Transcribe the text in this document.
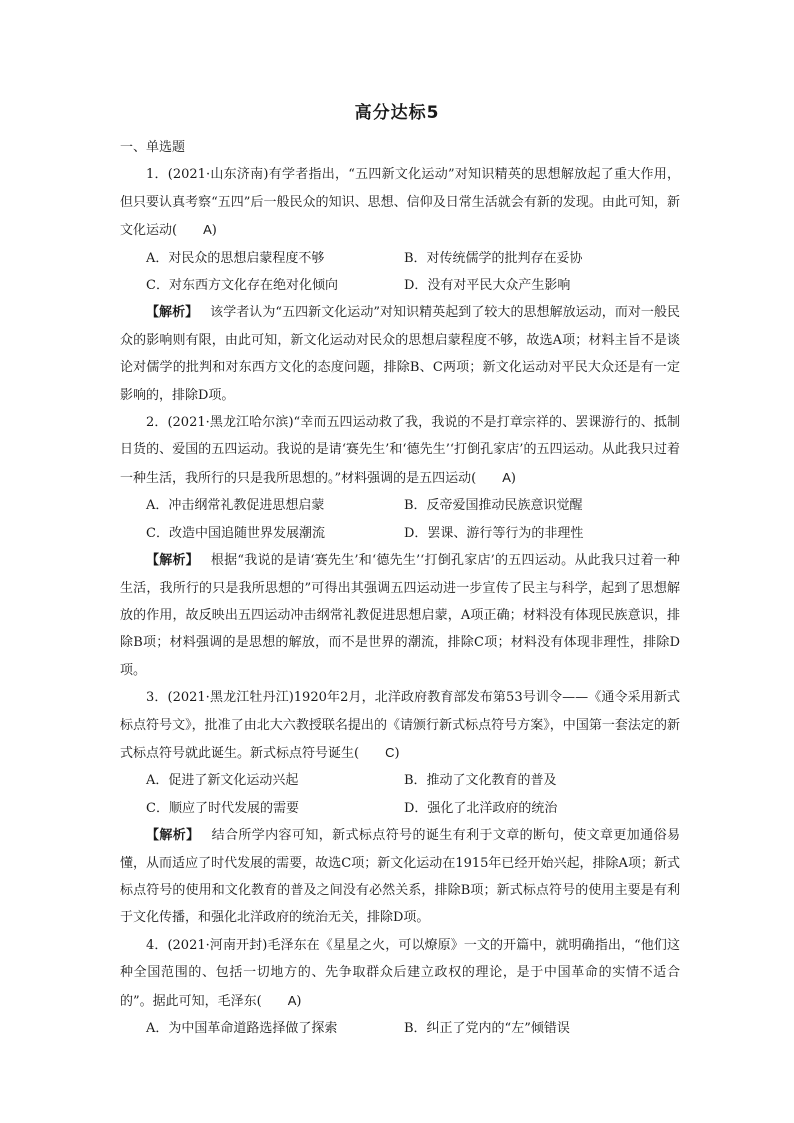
高分达标5
一、单选题
1．(2021·山东济南)有学者指出，“五四新文化运动”对知识精英的思想解放起了重大作用，但只要认真考察“五四”后一般民众的知识、思想、信仰及日常生活就会有新的发现。由此可知，新文化运动( A)
A．对民众的思想启蒙程度不够	B．对传统儒学的批判存在妥协
C．对东西方文化存在绝对化倾向	D．没有对平民大众产生影响
【解析】 该学者认为“五四新文化运动”对知识精英起到了较大的思想解放运动，而对一般民众的影响则有限，由此可知，新文化运动对民众的思想启蒙程度不够，故选A项；材料主旨不是谈论对儒学的批判和对东西方文化的态度问题，排除B、C两项；新文化运动对平民大众还是有一定影响的，排除D项。
2．(2021·黑龙江哈尔滨)“幸而五四运动救了我，我说的不是打章宗祥的、罢课游行的、抵制日货的、爱国的五四运动。我说的是请‘赛先生’和‘德先生’‘打倒孔家店’的五四运动。从此我只过着一种生活，我所行的只是我所思想的。”材料强调的是五四运动( A)
A．冲击纲常礼教促进思想启蒙	B．反帝爱国推动民族意识觉醒
C．改造中国追随世界发展潮流	D．罢课、游行等行为的非理性
【解析】 根据“我说的是请‘赛先生’和‘德先生’‘打倒孔家店’的五四运动。从此我只过着一种生活，我所行的只是我所思想的”可得出其强调五四运动进一步宣传了民主与科学，起到了思想解放的作用，故反映出五四运动冲击纲常礼教促进思想启蒙，A项正确；材料没有体现民族意识，排除B项；材料强调的是思想的解放，而不是世界的潮流，排除C项；材料没有体现非理性，排除D项。
3．(2021·黑龙江牡丹江)1920年2月，北洋政府教育部发布第53号训令——《通令采用新式标点符号文》，批准了由北大六教授联名提出的《请颁行新式标点符号方案》，中国第一套法定的新式标点符号就此诞生。新式标点符号诞生( C)
A．促进了新文化运动兴起	B．推动了文化教育的普及
C．顺应了时代发展的需要	D．强化了北洋政府的统治
【解析】 结合所学内容可知，新式标点符号的诞生有利于文章的断句，使文章更加通俗易懂，从而适应了时代发展的需要，故选C项；新文化运动在1915年已经开始兴起，排除A项；新式标点符号的使用和文化教育的普及之间没有必然关系，排除B项；新式标点符号的使用主要是有利于文化传播，和强化北洋政府的统治无关，排除D项。
4．(2021·河南开封)毛泽东在《星星之火，可以燎原》一文的开篇中，就明确指出，“他们这种全国范围的、包括一切地方的、先争取群众后建立政权的理论，是于中国革命的实情不适合的”。据此可知，毛泽东( A)
A．为中国革命道路选择做了探索	B．纠正了党内的“左”倾错误
